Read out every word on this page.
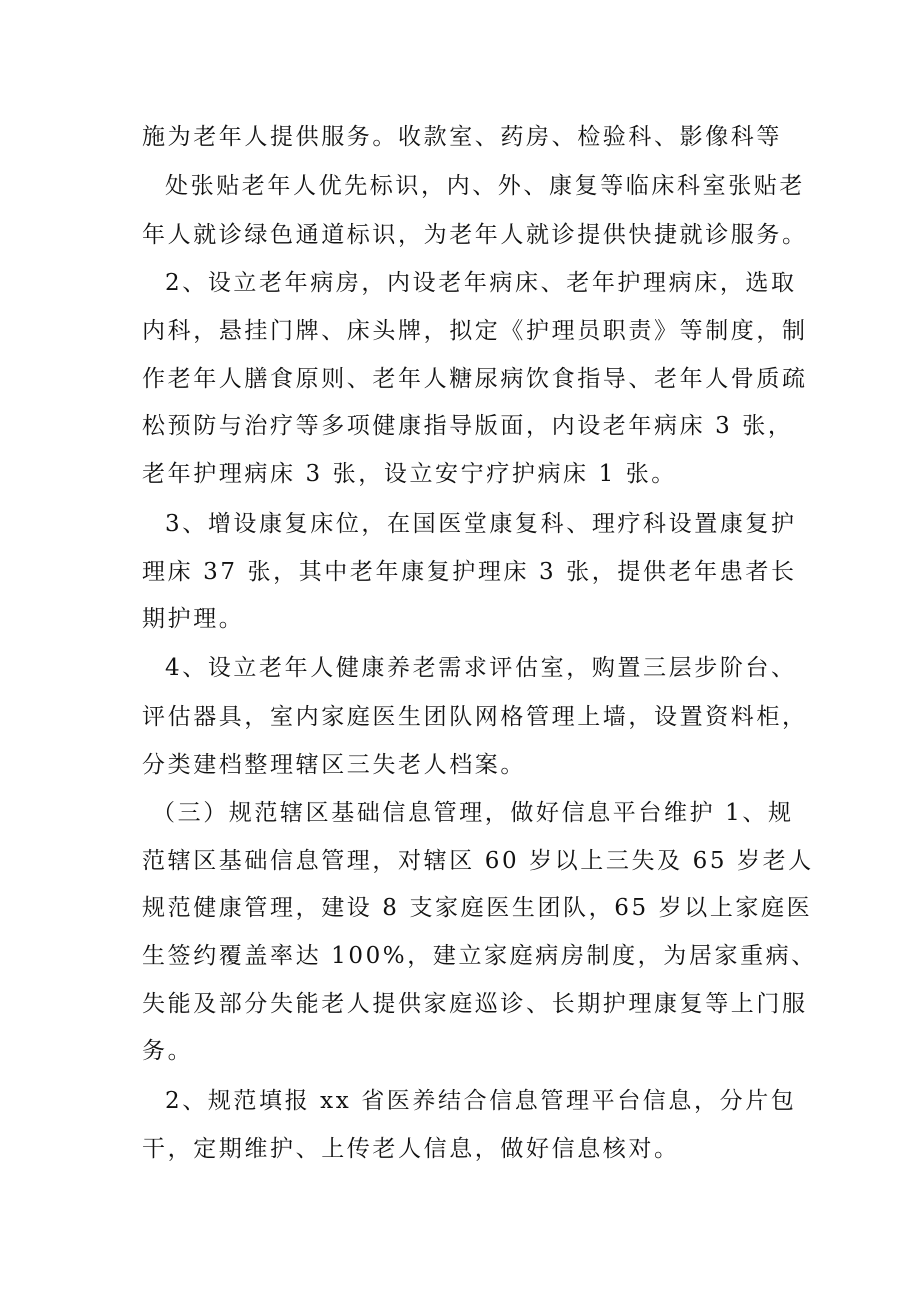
施为老年人提供服务。收款室、药房、检验科、影像科等
处张贴老年人优先标识，内、外、康复等临床科室张贴老
年人就诊绿色通道标识，为老年人就诊提供快捷就诊服务。
2、设立老年病房，内设老年病床、老年护理病床，选取
内科，悬挂门牌、床头牌，拟定《护理员职责》等制度，制
作老年人膳食原则、老年人糖尿病饮食指导、老年人骨质疏
松预防与治疗等多项健康指导版面，内设老年病床 3 张，
老年护理病床 3 张，设立安宁疗护病床 1 张。
3、增设康复床位，在国医堂康复科、理疗科设置康复护
理床 37 张，其中老年康复护理床 3 张，提供老年患者长
期护理。
4、设立老年人健康养老需求评估室，购置三层步阶台、
评估器具，室内家庭医生团队网格管理上墙，设置资料柜，
分类建档整理辖区三失老人档案。
（三）规范辖区基础信息管理，做好信息平台维护 1、规
范辖区基础信息管理，对辖区 60 岁以上三失及 65 岁老人
规范健康管理，建设 8 支家庭医生团队，65 岁以上家庭医
生签约覆盖率达 100%，建立家庭病房制度，为居家重病、
失能及部分失能老人提供家庭巡诊、长期护理康复等上门服
务。
2、规范填报 xx 省医养结合信息管理平台信息，分片包
干，定期维护、上传老人信息，做好信息核对。
